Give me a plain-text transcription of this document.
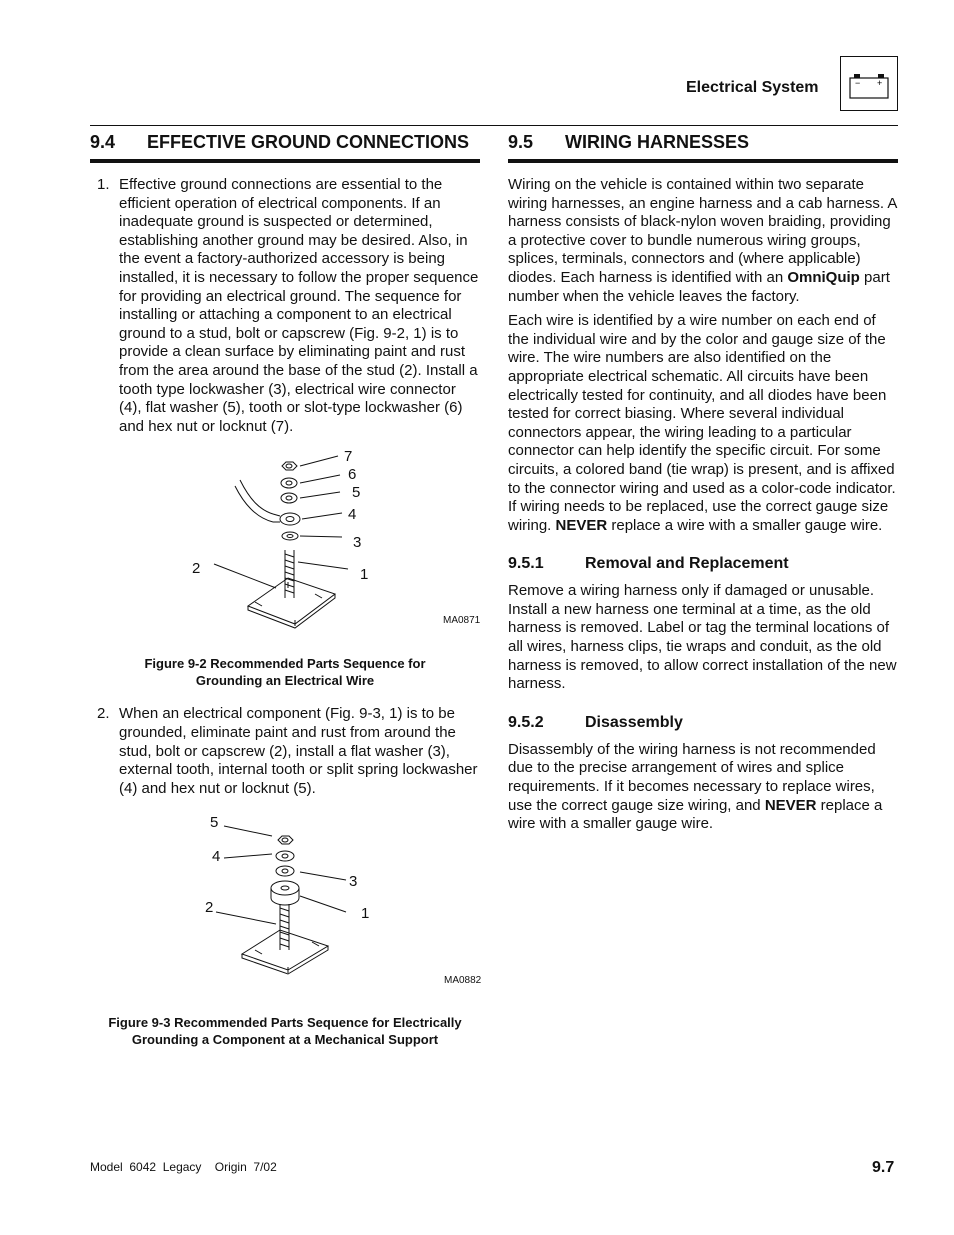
Electrical System	− +
9.4 EFFECTIVE GROUND CONNECTIONS
1. Effective ground connections are essential to the efficient operation of electrical components. If an inadequate ground is suspected or determined, establishing another ground may be desired. Also, in the event a factory-authorized accessory is being installed, it is necessary to follow the proper sequence for providing an electrical ground. The sequence for installing or attaching a component to an electrical ground to a stud, bolt or capscrew (Fig. 9-2, 1) is to provide a clean surface by eliminating paint and rust from the area around the base of the stud (2). Install a tooth type lockwasher (3), electrical wire connector (4), flat washer (5), tooth or slot-type lockwasher (6) and hex nut or locknut (7).
7
6
5
4
3
2	1
MA0871
Figure 9-2 Recommended Parts Sequence for
Grounding an Electrical Wire
2. When an electrical component (Fig. 9-3, 1) is to be grounded, eliminate paint and rust from around the stud, bolt or capscrew (2), install a flat washer (3), external tooth, internal tooth or split spring lockwasher (4) and hex nut or locknut (5).
5
4
3
2	1
MA0882
Figure 9-3 Recommended Parts Sequence for Electrically
Grounding a Component at a Mechanical Support
9.5 WIRING HARNESSES

Wiring on the vehicle is contained within two separate wiring harnesses, an engine harness and a cab harness. A harness consists of black-nylon woven braiding, providing a protective cover to bundle numerous wiring groups, splices, terminals, connectors and (where applicable) diodes. Each harness is identified with an OmniQuip part number when the vehicle leaves the factory.

Each wire is identified by a wire number on each end of the individual wire and by the color and gauge size of the wire. The wire numbers are also identified on the appropriate electrical schematic. All circuits have been electrically tested for continuity, and all diodes have been tested for correct biasing. Where several individual connectors appear, the wiring leading to a particular connector can help identify the specific circuit. For some circuits, a colored band (tie wrap) is present, and is affixed to the connector wiring and used as a color-code indicator. If wiring needs to be replaced, use the correct gauge size wiring. NEVER replace a wire with a smaller gauge wire.

9.5.1	Removal and Replacement

Remove a wiring harness only if damaged or unusable. Install a new harness one terminal at a time, as the old harness is removed. Label or tag the terminal locations of all wires, harness clips, tie wraps and conduit, as the old harness is removed, to allow correct installation of the new harness.

9.5.2	Disassembly

Disassembly of the wiring harness is not recommended due to the precise arrangement of wires and splice requirements. If it becomes necessary to replace wires, use the correct gauge size wiring, and NEVER replace a wire with a smaller gauge wire.

Model  6042  Legacy    Origin  7/02	9.7
